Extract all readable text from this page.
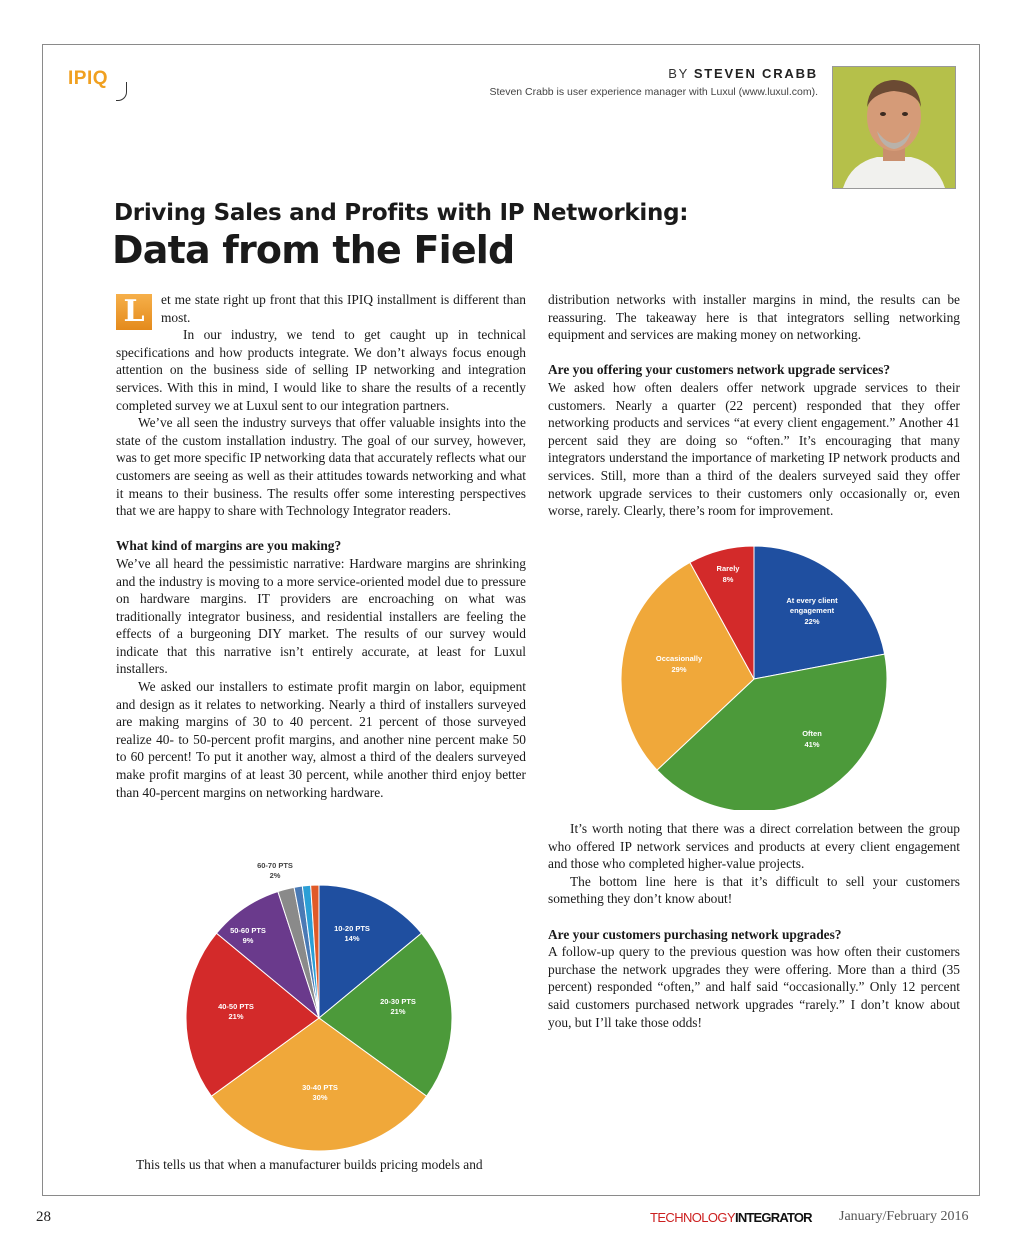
IPIQ	BY STEVEN CRABB
Steven Crabb is user experience manager with Luxul (www.luxul.com).
Driving Sales and Profits with IP Networking:
Data from the Field

L	et me state right up front that this IPIQ installment is different than most.

In our industry, we tend to get caught up in technical specifications and how products integrate. We don’t always focus enough attention on the business side of selling IP networking and integration services. With this in mind, I would like to share the results of a recently completed survey we at Luxul sent to our integration partners.

We’ve all seen the industry surveys that offer valuable insights into the state of the custom installation industry. The goal of our survey, however, was to get more specific IP networking data that accurately reflects what our customers are seeing as well as their attitudes towards networking and what it means to their business. The results offer some interesting perspectives that we are happy to share with Technology Integrator readers.

What kind of margins are you making?

We’ve all heard the pessimistic narrative: Hardware margins are shrinking and the industry is moving to a more service-oriented model due to pressure on hardware margins. IT providers are encroaching on what was traditionally integrator business, and residential installers are feeling the effects of a burgeoning DIY market. The results of our survey would indicate that this narrative isn’t entirely accurate, at least for Luxul installers.

We asked our installers to estimate profit margin on labor, equipment and design as it relates to networking. Nearly a third of installers surveyed are making margins of 30 to 40 percent. 21 percent of those surveyed realize 40- to 50-percent profit margins, and another nine percent make 50 to 60 percent! To put it another way, almost a third of the dealers surveyed make profit margins of at least 30 percent, while another third enjoy better than 40-percent margins on networking hardware.

60-70 PTS
2%
10-20 PTS
14%
20-30 PTS
21%
30-40 PTS
30%
40-50 PTS
21%
50-60 PTS
9%
This tells us that when a manufacturer builds pricing models and

distribution networks with installer margins in mind, the results can be reassuring. The takeaway here is that integrators selling networking equipment and services are making money on networking.

Are you offering your customers network upgrade services?

We asked how often dealers offer network upgrade services to their customers. Nearly a quarter (22 percent) responded that they offer networking products and services “at every client engagement.” Another 41 percent said they are doing so “often.” It’s encouraging that many integrators understand the importance of marketing IP network products and services. Still, more than a third of the dealers surveyed said they offer network upgrade services to their customers only occasionally or, even worse, rarely. Clearly, there’s room for improvement.

Rarely
8%
At every client
engagement
22%
Often
41%
Occasionally
29%

It’s worth noting that there was a direct correlation between the group who offered IP network services and products at every client engagement and those who completed higher-value projects.

The bottom line here is that it’s difficult to sell your customers something they don’t know about!

Are your customers purchasing network upgrades?

A follow-up query to the previous question was how often their customers purchase the network upgrades they were offering. More than a third (35 percent) responded “often,” and half said “occasionally.” Only 12 percent said customers purchased network upgrades “rarely.” I don’t know about you, but I’ll take those odds!

28	TECHNOLOGYINTEGRATOR January/February 2016
